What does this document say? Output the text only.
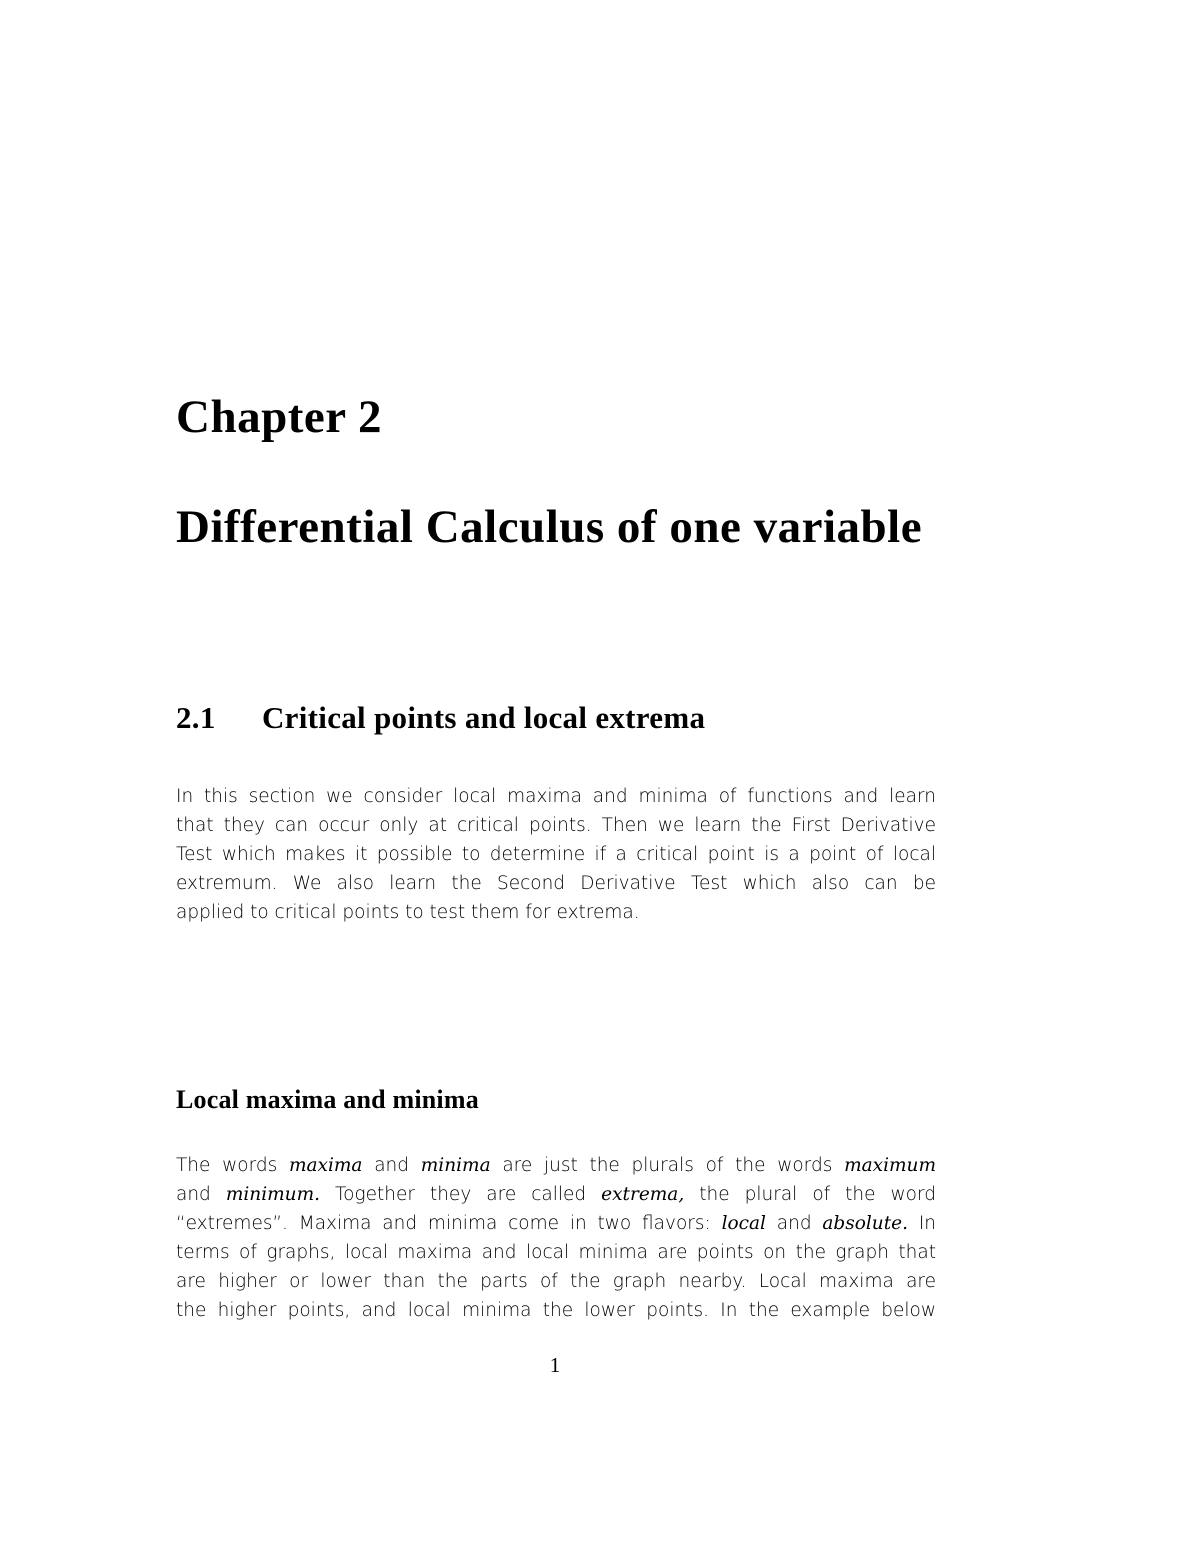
Chapter 2
Differential Calculus of one variable
2.1 Critical points and local extrema

In this section we consider local maxima and minima of functions and learn
that they can occur only at critical points. Then we learn the First Derivative
Test which makes it possible to determine if a critical point is a point of local
extremum. We also learn the Second Derivative Test which also can be
applied to critical points to test them for extrema.

Local maxima and minima

The words maxima and minima are just the plurals of the words maximum
and minimum. Together they are called extrema, the plural of the word
“extremes”. Maxima and minima come in two flavors: local and absolute. In
terms of graphs, local maxima and local minima are points on the graph that
are higher or lower than the parts of the graph nearby. Local maxima are
the higher points, and local minima the lower points. In the example below

1
